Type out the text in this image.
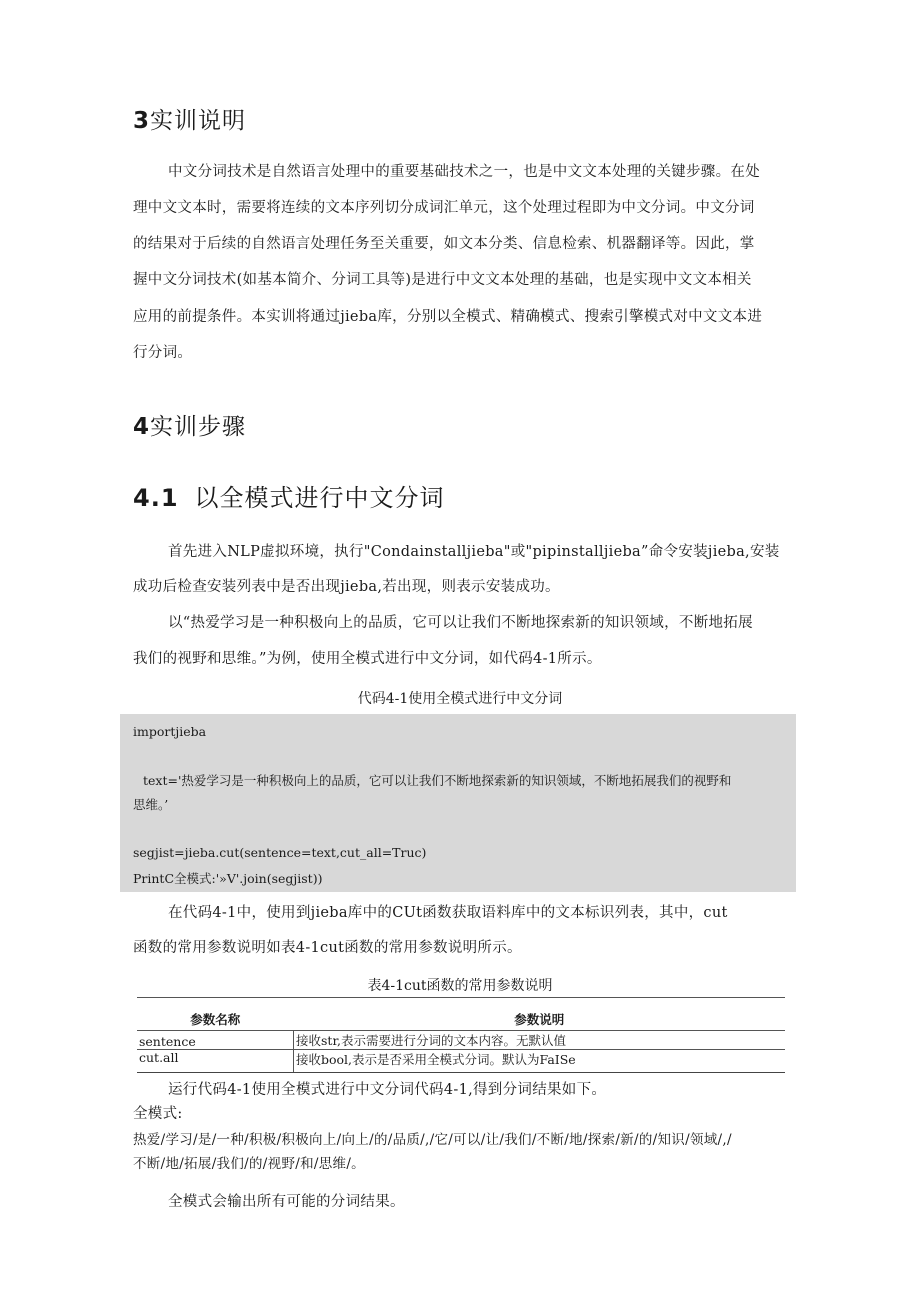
3实训说明
中文分词技术是自然语言处理中的重要基础技术之一，也是中文文本处理的关键步骤。在处
理中文文本时，需要将连续的文本序列切分成词汇单元，这个处理过程即为中文分词。中文分词
的结果对于后续的自然语言处理任务至关重要，如文本分类、信息检索、机器翻译等。因此，掌
握中文分词技术(如基本简介、分词工具等)是进行中文文本处理的基础，也是实现中文文本相关
应用的前提条件。本实训将通过jieba库，分别以全模式、精确模式、搜索引擎模式对中文文本进
行分词。
4实训步骤
4.1 以全模式进行中文分词
首先进入NLP虚拟环境，执行"Condainstalljieba"或"pipinstalljieba”命令安装jieba,安装
成功后检查安装列表中是否出现jieba,若出现，则表示安装成功。
以“热爱学习是一种积极向上的品质，它可以让我们不断地探索新的知识领域，不断地拓展
我们的视野和思维。”为例，使用全模式进行中文分词，如代码4-1所示。
代码4-1使用全模式进行中文分词
importjieba
text='热爱学习是一种积极向上的品质，它可以让我们不断地探索新的知识领域，不断地拓展我们的视野和
思维。’
segjist=jieba.cut(sentence=text,cut_all=Truc)
PrintC全模式:'»V'.join(segjist))
在代码4-1中，使用到jieba库中的CUt函数获取语料库中的文本标识列表，其中，cut
函数的常用参数说明如表4-1cut函数的常用参数说明所示。
表4-1cut函数的常用参数说明
参数名称	参数说明
sentence	接收str,表示需要进行分词的文本内容。无默认值
cut.all	接收bool,表示是否采用全模式分词。默认为FaISe
运行代码4-1使用全模式进行中文分词代码4-1,得到分词结果如下。
全模式:
热爱/学习/是/一种/积极/积极向上/向上/的/品质/,/它/可以/让/我们/不断/地/探索/新/的/知识/领域/,/
不断/地/拓展/我们/的/视野/和/思维/。
全模式会输出所有可能的分词结果。
